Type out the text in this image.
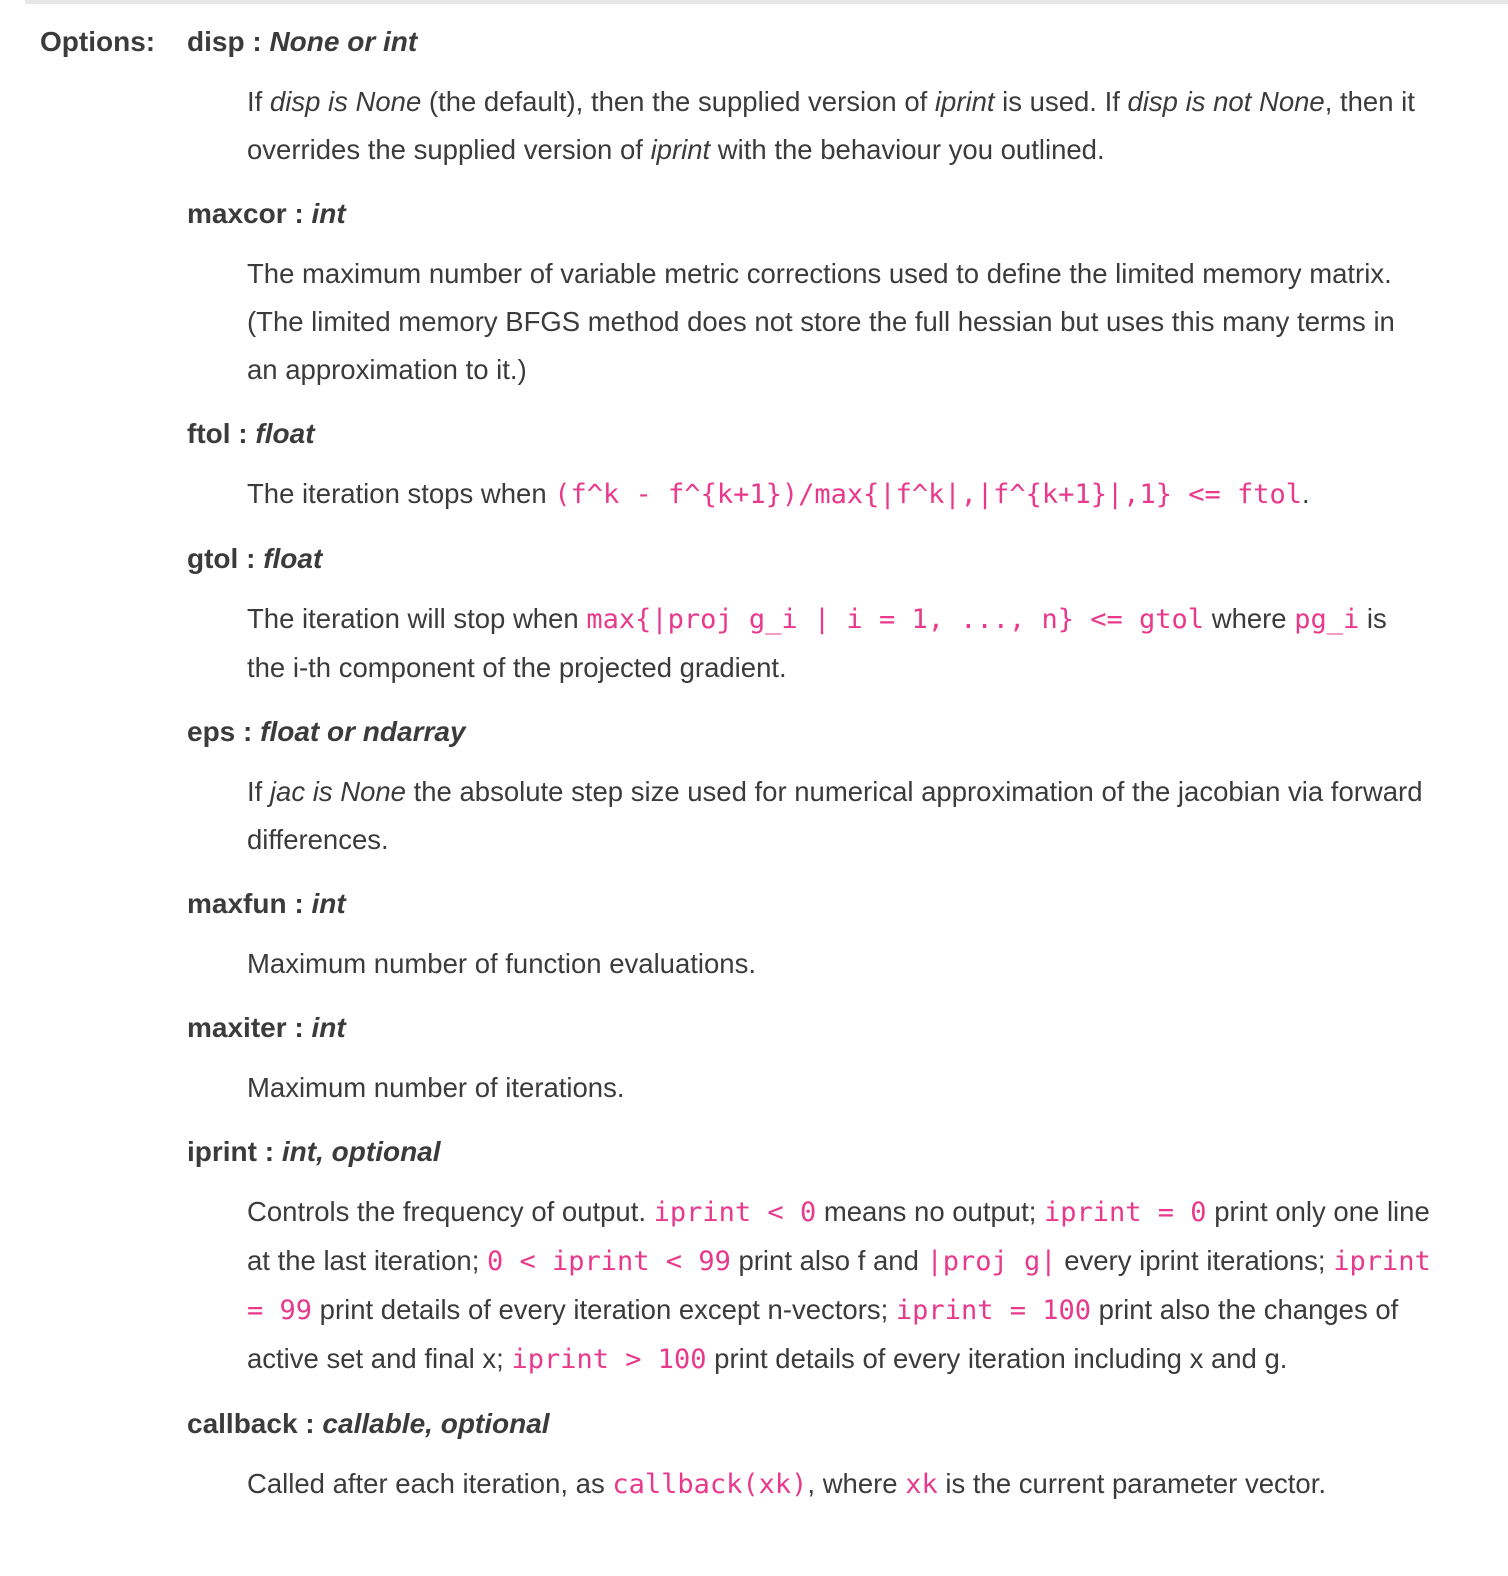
Options:	disp : None or int

If disp is None (the default), then the supplied version of iprint is used. If disp is not None, then it overrides the supplied version of iprint with the behaviour you outlined.

maxcor : int

The maximum number of variable metric corrections used to define the limited memory matrix. (The limited memory BFGS method does not store the full hessian but uses this many terms in an approximation to it.)

ftol : float

The iteration stops when (f^k - f^{k+1})/max{|f^k|,|f^{k+1}|,1} <= ftol.

gtol : float

The iteration will stop when max{|proj g_i | i = 1, ..., n} <= gtol where pg_i is the i-th component of the projected gradient.

eps : float or ndarray

If jac is None the absolute step size used for numerical approximation of the jacobian via forward differences.

maxfun : int

Maximum number of function evaluations.

maxiter : int

Maximum number of iterations.

iprint : int, optional

Controls the frequency of output. iprint < 0 means no output; iprint = 0 print only one line at the last iteration; 0 < iprint < 99 print also f and |proj g| every iprint iterations; iprint = 99 print details of every iteration except n-vectors; iprint = 100 print also the changes of active set and final x; iprint > 100 print details of every iteration including x and g.

callback : callable, optional

Called after each iteration, as callback(xk), where xk is the current parameter vector.
